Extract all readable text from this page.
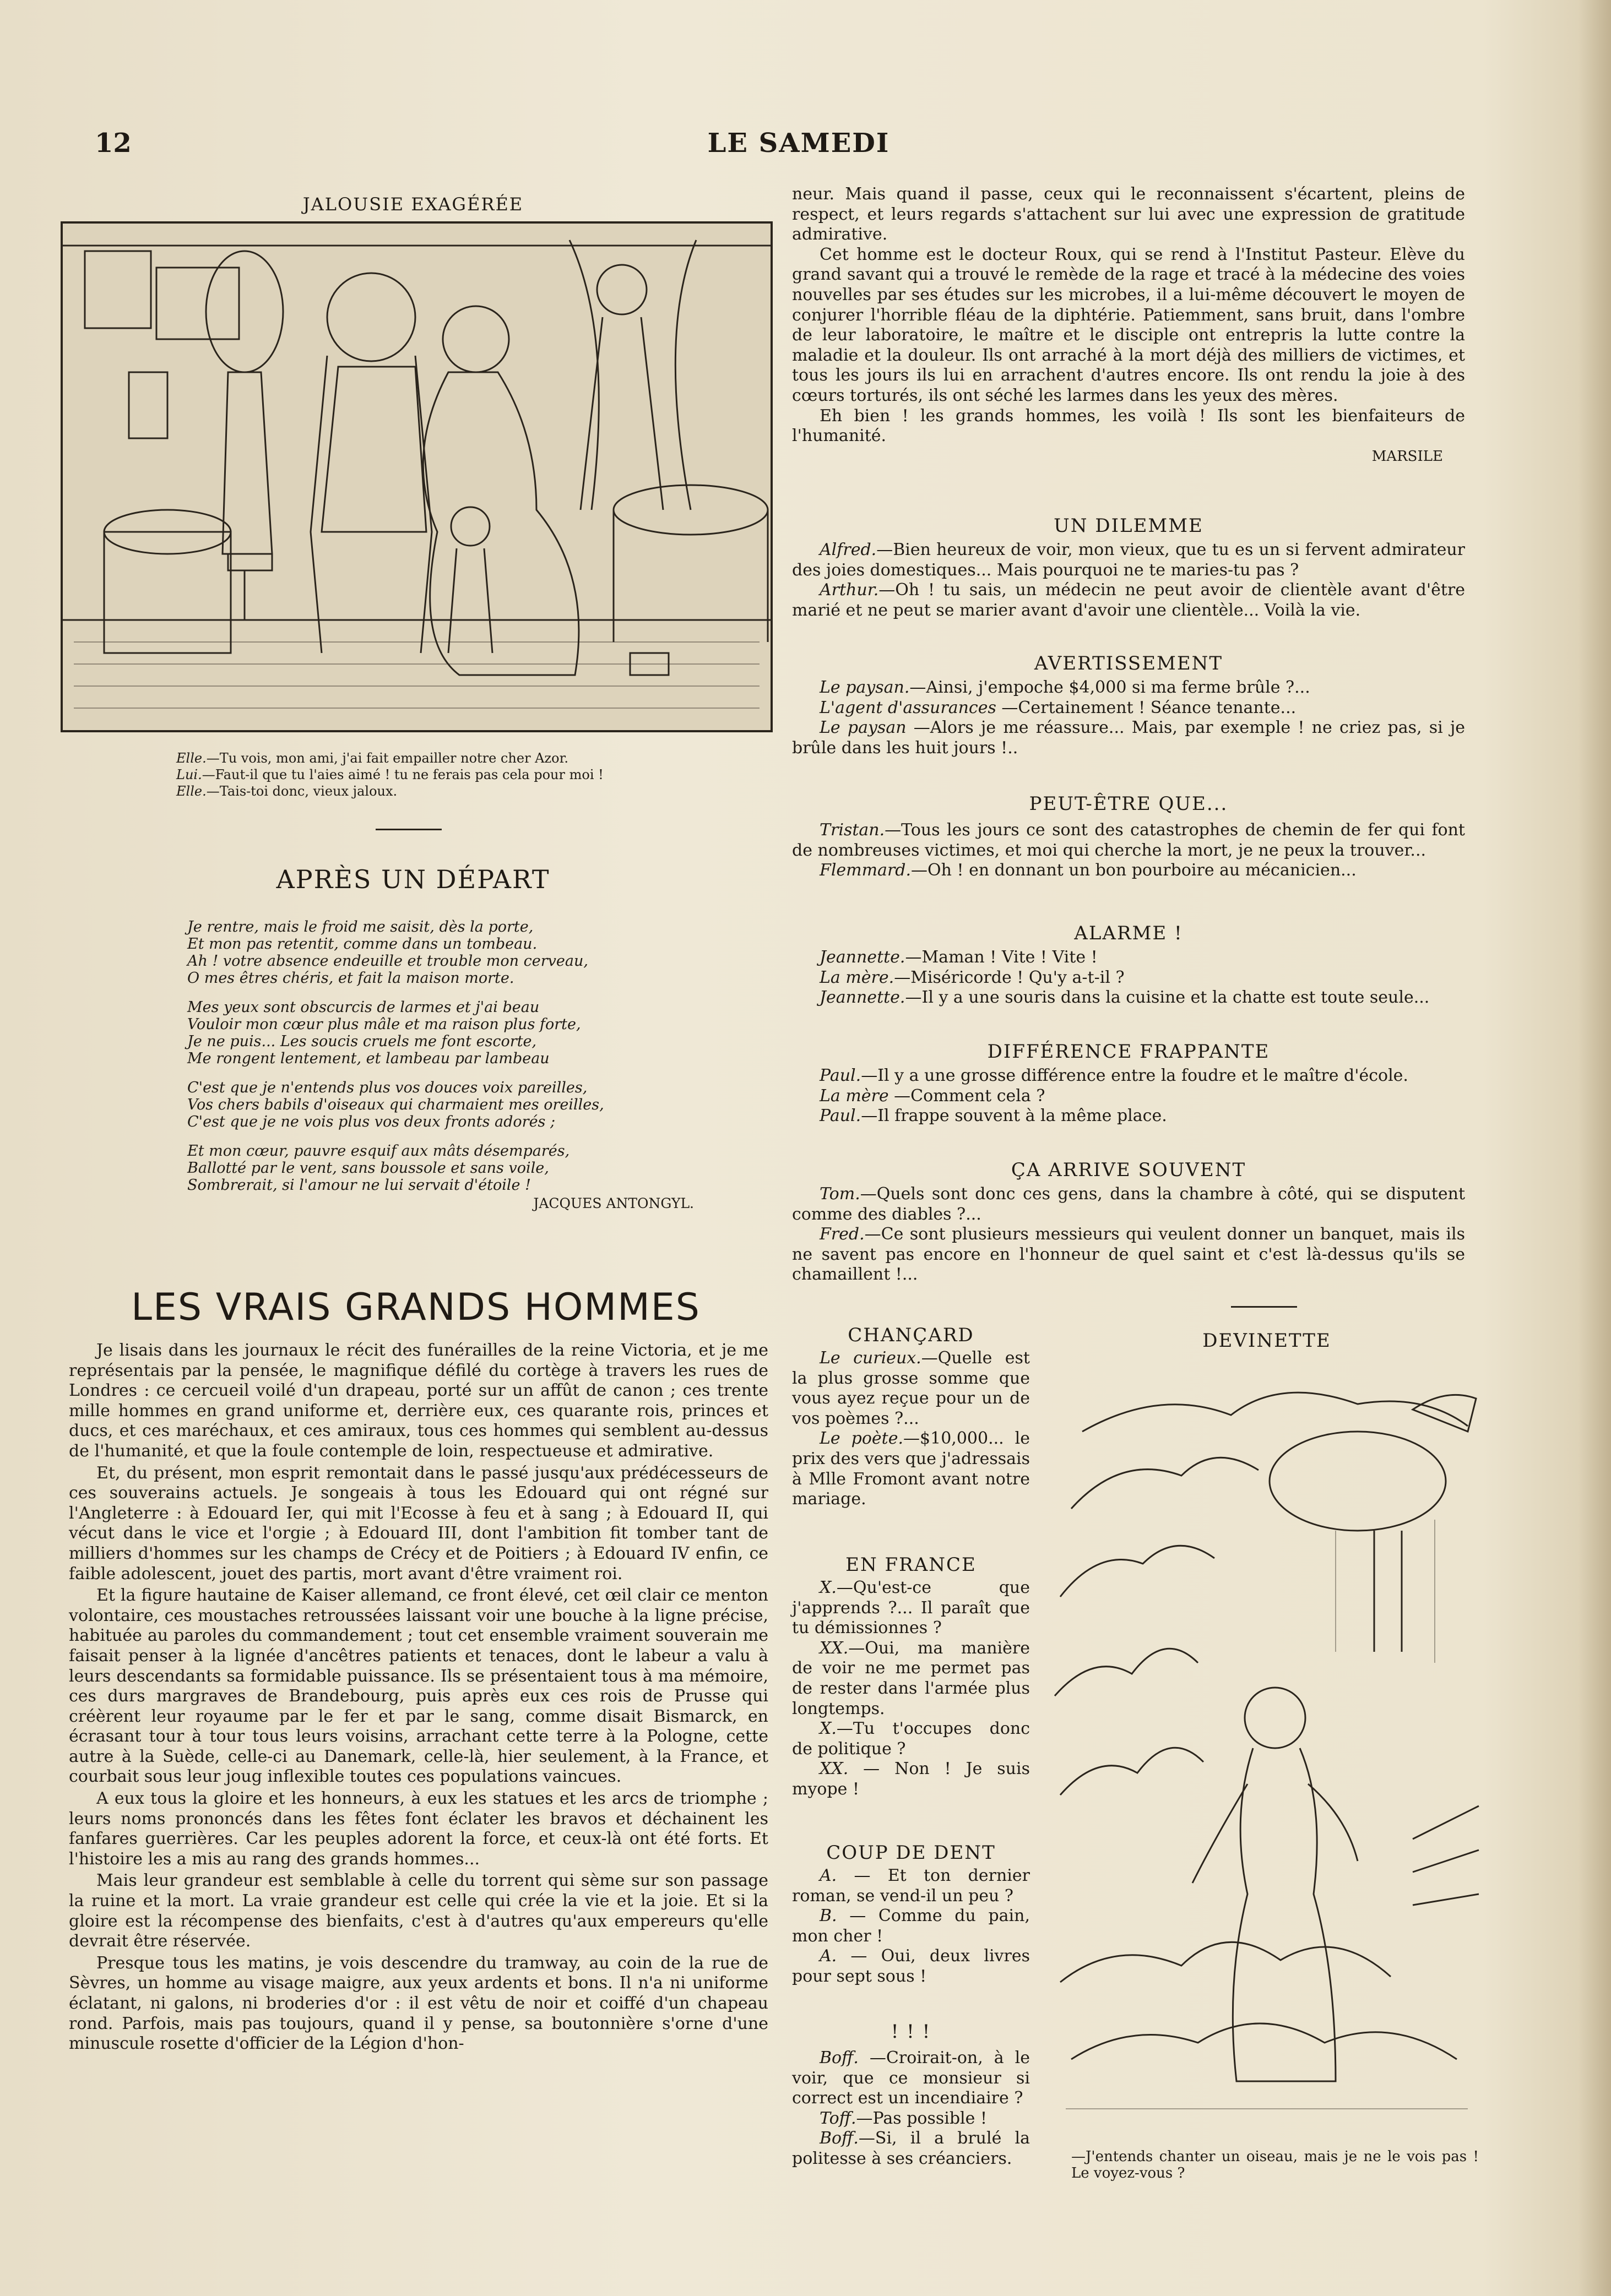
12	LE SAMEDI
JALOUSIE EXAGÉRÉE

Elle.—Tu vois, mon ami, j'ai fait empailler notre cher Azor.

Lui.—Faut-il que tu l'aies aimé ! tu ne ferais pas cela pour moi !

Elle.—Tais-toi donc, vieux jaloux.

APRÈS UN DÉPART
Je rentre, mais le froid me saisit, dès la porte,
Et mon pas retentit, comme dans un tombeau.
Ah ! votre absence endeuille et trouble mon cerveau,
O mes êtres chéris, et fait la maison morte.
Mes yeux sont obscurcis de larmes et j'ai beau
Vouloir mon cœur plus mâle et ma raison plus forte,
Je ne puis... Les soucis cruels me font escorte,
Me rongent lentement, et lambeau par lambeau
C'est que je n'entends plus vos douces voix pareilles,
Vos chers babils d'oiseaux qui charmaient mes oreilles,
C'est que je ne vois plus vos deux fronts adorés ;
Et mon cœur, pauvre esquif aux mâts désemparés,
Ballotté par le vent, sans boussole et sans voile,
Sombrerait, si l'amour ne lui servait d'étoile !
JACQUES ANTONGYL.
LES VRAIS GRANDS HOMMES

Je lisais dans les journaux le récit des funérailles de la reine Victoria, et je me représentais par la pensée, le magnifique défilé du cortège à travers les rues de Londres : ce cercueil voilé d'un drapeau, porté sur un affût de canon ; ces trente mille hommes en grand uniforme et, derrière eux, ces quarante rois, princes et ducs, et ces maréchaux, et ces amiraux, tous ces hommes qui semblent au-dessus de l'humanité, et que la foule contemple de loin, respectueuse et admirative.

Et, du présent, mon esprit remontait dans le passé jusqu'aux prédécesseurs de ces souverains actuels. Je songeais à tous les Edouard qui ont régné sur l'Angleterre : à Edouard Ier, qui mit l'Ecosse à feu et à sang ; à Edouard II, qui vécut dans le vice et l'orgie ; à Edouard III, dont l'ambition fit tomber tant de milliers d'hommes sur les champs de Crécy et de Poitiers ; à Edouard IV enfin, ce faible adolescent, jouet des partis, mort avant d'être vraiment roi.

Et la figure hautaine de Kaiser allemand, ce front élevé, cet œil clair ce menton volontaire, ces moustaches retroussées laissant voir une bouche à la ligne précise, habituée au paroles du commandement ; tout cet ensemble vraiment souverain me faisait penser à la lignée d'ancêtres patients et tenaces, dont le labeur a valu à leurs descendants sa formidable puissance. Ils se présentaient tous à ma mémoire, ces durs margraves de Brandebourg, puis après eux ces rois de Prusse qui créèrent leur royaume par le fer et par le sang, comme disait Bismarck, en écrasant tour à tour tous leurs voisins, arrachant cette terre à la Pologne, cette autre à la Suède, celle-ci au Danemark, celle-là, hier seulement, à la France, et courbait sous leur joug inflexible toutes ces populations vaincues.

A eux tous la gloire et les honneurs, à eux les statues et les arcs de triomphe ; leurs noms prononcés dans les fêtes font éclater les bravos et déchainent les fanfares guerrières. Car les peuples adorent la force, et ceux-là ont été forts. Et l'histoire les a mis au rang des grands hommes...

Mais leur grandeur est semblable à celle du torrent qui sème sur son passage la ruine et la mort. La vraie grandeur est celle qui crée la vie et la joie. Et si la gloire est la récompense des bienfaits, c'est à d'autres qu'aux empereurs qu'elle devrait être réservée.

Presque tous les matins, je vois descendre du tramway, au coin de la rue de Sèvres, un homme au visage maigre, aux yeux ardents et bons. Il n'a ni uniforme éclatant, ni galons, ni broderies d'or : il est vêtu de noir et coiffé d'un chapeau rond. Parfois, mais pas toujours, quand il y pense, sa boutonnière s'orne d'une minuscule rosette d'officier de la Légion d'hon-

neur. Mais quand il passe, ceux qui le reconnaissent s'écartent, pleins de respect, et leurs regards s'attachent sur lui avec une expression de gratitude admirative.

Cet homme est le docteur Roux, qui se rend à l'Institut Pasteur. Elève du grand savant qui a trouvé le remède de la rage et tracé à la médecine des voies nouvelles par ses études sur les microbes, il a lui-même découvert le moyen de conjurer l'horrible fléau de la diphtérie. Patiemment, sans bruit, dans l'ombre de leur laboratoire, le maître et le disciple ont entrepris la lutte contre la maladie et la douleur. Ils ont arraché à la mort déjà des milliers de victimes, et tous les jours ils lui en arrachent d'autres encore. Ils ont rendu la joie à des cœurs torturés, ils ont séché les larmes dans les yeux des mères.

Eh bien ! les grands hommes, les voilà ! Ils sont les bienfaiteurs de l'humanité.

MARSILE
UN DILEMME

Alfred.—Bien heureux de voir, mon vieux, que tu es un si fervent admirateur des joies domestiques... Mais pourquoi ne te maries-tu pas ?

Arthur.—Oh ! tu sais, un médecin ne peut avoir de clientèle avant d'être marié et ne peut se marier avant d'avoir une clientèle... Voilà la vie.

AVERTISSEMENT

Le paysan.—Ainsi, j'empoche $4,000 si ma ferme brûle ?...

L'agent d'assurances —Certainement ! Séance tenante...

Le paysan —Alors je me réassure... Mais, par exemple ! ne criez pas, si je brûle dans les huit jours !..

PEUT-ÊTRE QUE...

Tristan.—Tous les jours ce sont des catastrophes de chemin de fer qui font de nombreuses victimes, et moi qui cherche la mort, je ne peux la trouver...

Flemmard.—Oh ! en donnant un bon pourboire au mécanicien...

ALARME !

Jeannette.—Maman ! Vite ! Vite !

La mère.—Miséricorde ! Qu'y a-t-il ?

Jeannette.—Il y a une souris dans la cuisine et la chatte est toute seule...

DIFFÉRENCE FRAPPANTE

Paul.—Il y a une grosse différence entre la foudre et le maître d'école.

La mère —Comment cela ?

Paul.—Il frappe souvent à la même place.

ÇA ARRIVE SOUVENT

Tom.—Quels sont donc ces gens, dans la chambre à côté, qui se disputent comme des diables ?...

Fred.—Ce sont plusieurs messieurs qui veulent donner un banquet, mais ils ne savent pas encore en l'honneur de quel saint et c'est là-dessus qu'ils se chamaillent !...

CHANÇARD

Le curieux.—Quelle est la plus grosse somme que vous ayez reçue pour un de vos poèmes ?...

Le poète.—$10,000... le prix des vers que j'adressais à Mlle Fromont avant notre mariage.

EN FRANCE

X.—Qu'est-ce que j'apprends ?... Il paraît que tu démissionnes ?

XX.—Oui, ma manière de voir ne me permet pas de rester dans l'armée plus longtemps.

X.—Tu t'occupes donc de politique ?

XX. — Non ! Je suis myope !

COUP DE DENT

A. — Et ton dernier roman, se vend-il un peu ?

B. — Comme du pain, mon cher !

A. — Oui, deux livres pour sept sous !

! ! !

Boff. —Croirait-on, à le voir, que ce monsieur si correct est un incendiaire ?

Toff.—Pas possible !

Boff.—Si, il a brulé la politesse à ses créanciers.

DEVINETTE

—J'entends chanter un oiseau, mais je ne le vois pas ! Le voyez-vous ?
